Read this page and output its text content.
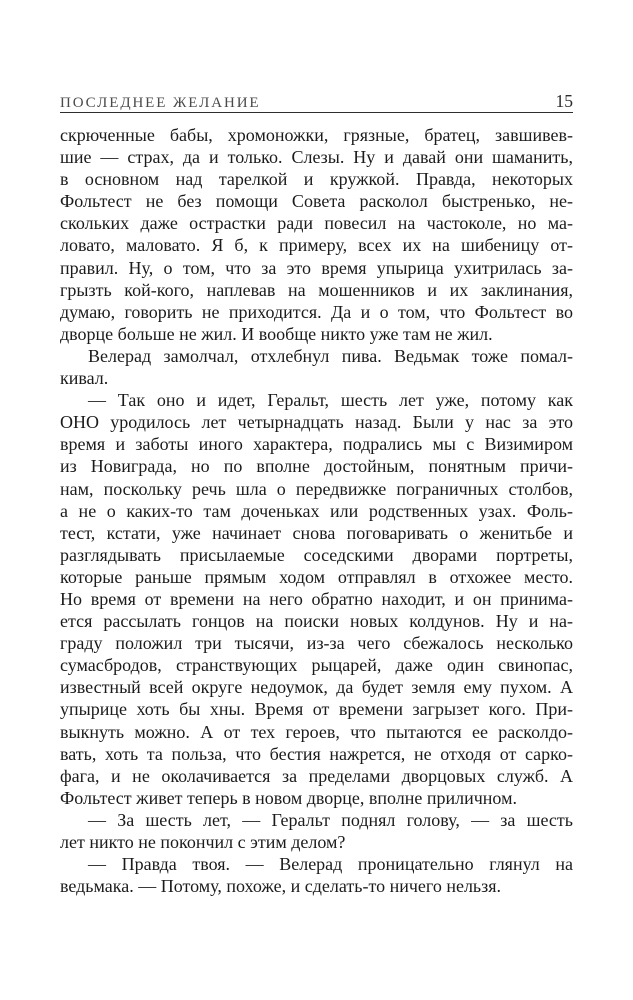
ПОСЛЕДНЕЕ ЖЕЛАНИЕ	15
скрюченные бабы, хромоножки, грязные, братец, завшивев-
шие — страх, да и только. Слезы. Ну и давай они шаманить,
в основном над тарелкой и кружкой. Правда, некоторых
Фольтест не без помощи Совета расколол быстренько, не-
скольких даже острастки ради повесил на частоколе, но ма-
ловато, маловато. Я б, к примеру, всех их на шибеницу от-
правил. Ну, о том, что за это время упырица ухитрилась за-
грызть кой-кого, наплевав на мошенников и их заклинания,
думаю, говорить не приходится. Да и о том, что Фольтест во
дворце больше не жил. И вообще никто уже там не жил.
Велерад замолчал, отхлебнул пива. Ведьмак тоже помал-
кивал.
— Так оно и идет, Геральт, шесть лет уже, потому как
ОНО уродилось лет четырнадцать назад. Были у нас за это
время и заботы иного характера, подрались мы с Визимиром
из Новиграда, но по вполне достойным, понятным причи-
нам, поскольку речь шла о передвижке пограничных столбов,
а не о каких-то там доченьках или родственных узах. Фоль-
тест, кстати, уже начинает снова поговаривать о женитьбе и
разглядывать присылаемые соседскими дворами портреты,
которые раньше прямым ходом отправлял в отхожее место.
Но время от времени на него обратно находит, и он принима-
ется рассылать гонцов на поиски новых колдунов. Ну и на-
граду положил три тысячи, из-за чего сбежалось несколько
сумасбродов, странствующих рыцарей, даже один свинопас,
известный всей округе недоумок, да будет земля ему пухом. А
упырице хоть бы хны. Время от времени загрызет кого. При-
выкнуть можно. А от тех героев, что пытаются ее расколдо-
вать, хоть та польза, что бестия нажрется, не отходя от сарко-
фага, и не околачивается за пределами дворцовых служб. А
Фольтест живет теперь в новом дворце, вполне приличном.
— За шесть лет, — Геральт поднял голову, — за шесть
лет никто не покончил с этим делом?
— Правда твоя. — Велерад проницательно глянул на
ведьмака. — Потому, похоже, и сделать-то ничего нельзя.
